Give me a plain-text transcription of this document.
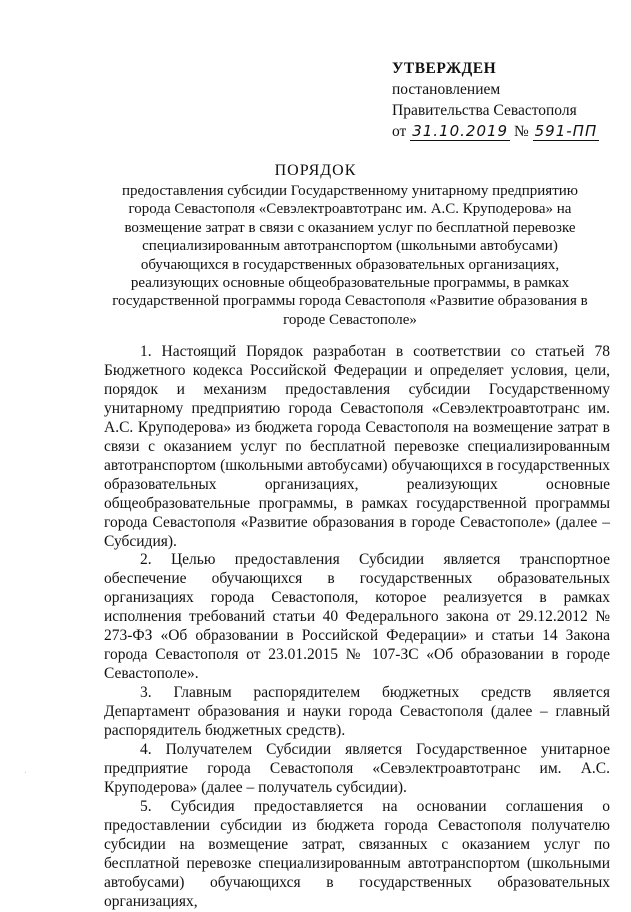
УТВЕРЖДЕН
постановлением
Правительства Севастополя
от 31.10.2019 № 591-ПП
ПОРЯДОК
предоставления субсидии Государственному унитарному предприятию города Севастополя «Севэлектроавтотранс им. А.С. Круподерова» на возмещение затрат в связи с оказанием услуг по бесплатной перевозке специализированным автотранспортом (школьными автобусами) обучающихся в государственных образовательных организациях, реализующих основные общеобразовательные программы, в рамках государственной программы города Севастополя «Развитие образования в городе Севастополе»

1. Настоящий Порядок разработан в соответствии со статьей 78 Бюджетного кодекса Российской Федерации и определяет условия, цели, порядок и механизм предоставления субсидии Государственному унитарному предприятию города Севастополя «Севэлектроавтотранс им. А.С. Круподерова» из бюджета города Севастополя на возмещение затрат в связи с оказанием услуг по бесплатной перевозке специализированным автотранспортом (школьными автобусами) обучающихся в государственных образовательных организациях, реализующих основные общеобразовательные программы, в рамках государственной программы города Севастополя «Развитие образования в городе Севастополе» (далее – Субсидия).

2. Целью предоставления Субсидии является транспортное обеспечение обучающихся в государственных образовательных организациях города Севастополя, которое реализуется в рамках исполнения требований статьи 40 Федерального закона от 29.12.2012 № 273-ФЗ «Об образовании в Российской Федерации» и статьи 14 Закона города Севастополя от 23.01.2015 № 107-ЗС «Об образовании в городе Севастополе».

3. Главным распорядителем бюджетных средств является Департамент образования и науки города Севастополя (далее – главный распорядитель бюджетных средств).

4. Получателем Субсидии является Государственное унитарное предприятие города Севастополя «Севэлектроавтотранс им. А.С. Круподерова» (далее – получатель субсидии).

5. Субсидия предоставляется на основании соглашения о предоставлении субсидии из бюджета города Севастополя получателю субсидии на возмещение затрат, связанных с оказанием услуг по бесплатной перевозке специализированным автотранспортом (школьными автобусами) обучающихся в государственных образовательных организациях,

·
